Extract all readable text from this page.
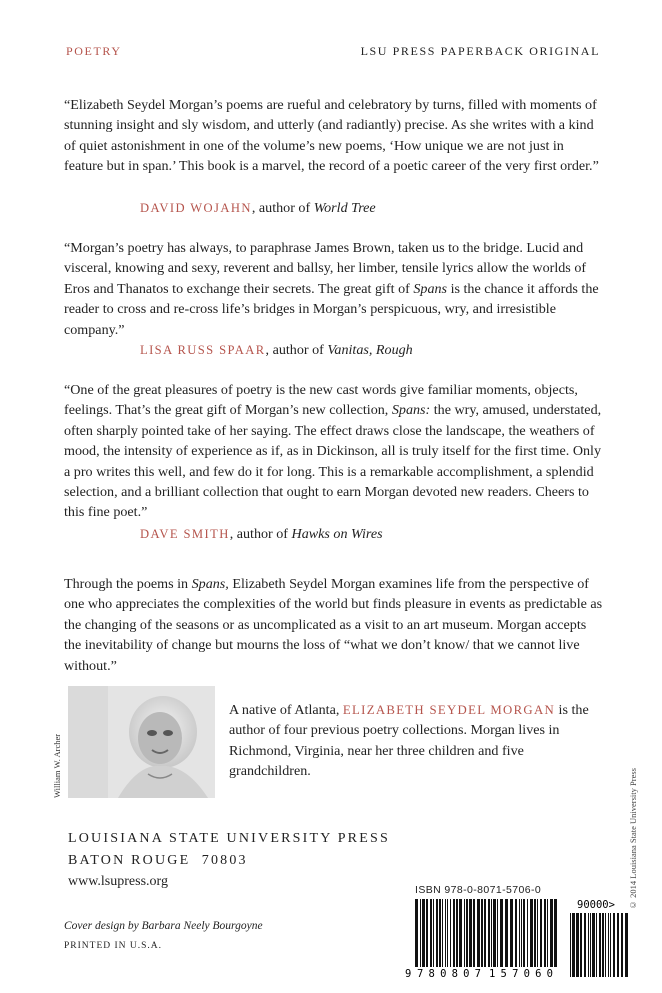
POETRY	LSU PRESS PAPERBACK ORIGINAL

“Elizabeth Seydel Morgan’s poems are rueful and celebratory by turns, filled with moments of stunning insight and sly wisdom, and utterly (and radiantly) precise. As she writes with a kind of quiet astonishment in one of the volume’s new poems, ‘How unique we are not just in feature but in span.’ This book is a marvel, the record of a poetic career of the very first order.”

DAVID WOJAHN, author of World Tree

“Morgan’s poetry has always, to paraphrase James Brown, taken us to the bridge. Lucid and visceral, knowing and sexy, reverent and ballsy, her limber, tensile lyrics allow the worlds of Eros and Thanatos to exchange their secrets. The great gift of Spans is the chance it affords the reader to cross and re-cross life’s bridges in Morgan’s perspicuous, wry, and irresistible company.”

LISA RUSS SPAAR, author of Vanitas, Rough

“One of the great pleasures of poetry is the new cast words give familiar moments, objects, feelings. That’s the great gift of Morgan’s new collection, Spans: the wry, amused, understated, often sharply pointed take of her saying. The effect draws close the landscape, the weathers of mood, the intensity of experience as if, as in Dickinson, all is truly itself for the first time. Only a pro writes this well, and few do it for long. This is a remarkable accomplishment, a splendid selection, and a brilliant collection that ought to earn Morgan devoted new readers. Cheers to this fine poet.”

DAVE SMITH, author of Hawks on Wires

Through the poems in Spans, Elizabeth Seydel Morgan examines life from the perspective of one who appreciates the complexities of the world but finds pleasure in events as predictable as the changing of the seasons or as uncomplicated as a visit to an art museum. Morgan accepts the inevitability of change but mourns the loss of “what we don’t know/ that we cannot live without.”

William W. Archer

A native of Atlanta, ELIZABETH SEYDEL MORGAN is the author of four previous poetry collections. Morgan lives in Richmond, Virginia, near her three children and five grandchildren.	© 2014 Louisiana State University Press
LOUISIANA STATE UNIVERSITY PRESS
BATON ROUGE 70803
www.lsupress.org
Cover design by Barbara Neely Bourgoyne
PRINTED IN U.S.A.
ISBN 978-0-8071-5706-0
9 780807 157060
90000>
